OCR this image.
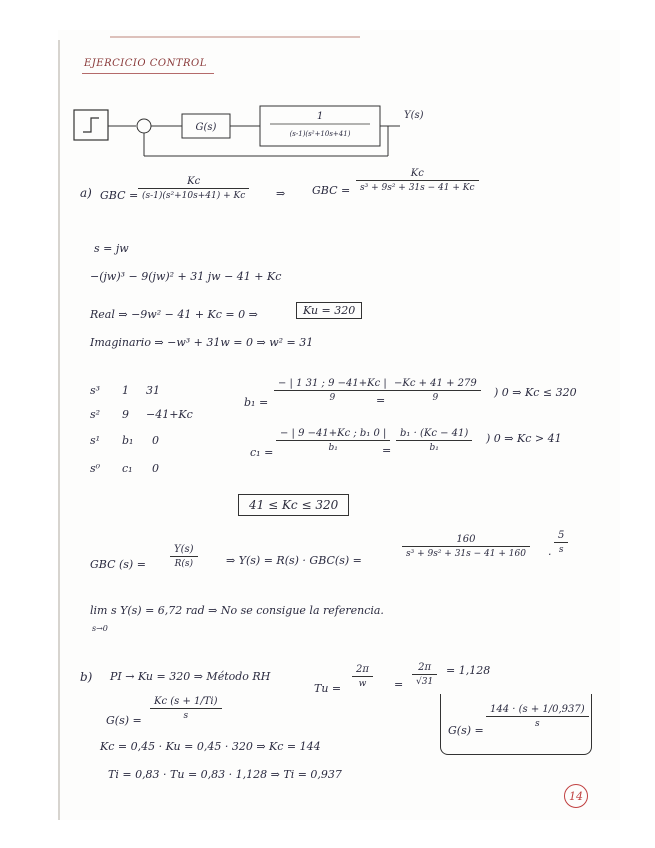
EJERCICIO CONTROL
G(s)
1
(s-1)(s²+10s+41)
Y(s)
a) GBC =
Kc
(s-1)(s²+10s+41) + Kc	⇒ GBC =
Kc
s³ + 9s² + 31s − 41 + Kc
s = jw
−(jw)³ − 9(jw)² + 31 jw − 41 + Kc
Real ⇒ −9w² − 41 + Kc = 0 ⇒	Ku = 320
Imaginario ⇒ −w³ + 31w = 0 ⇒ w² = 31
s³ 1 31
s² 9 −41+Kc
s¹ b₁ 0
s⁰ c₁ 0
b₁ =
− | 1 31 ; 9 −41+Kc |
9	=
−Kc + 41 + 279
9	) 0 ⇒ Kc ≤ 320
c₁ =
− | 9 −41+Kc ; b₁ 0 |
b₁	=
b₁ · (Kc − 41)
b₁
) 0 ⇒ Kc > 41
41 ≤ Kc ≤ 320
GBC (s) =
Y(s)
R(s)	⇒ Y(s) = R(s) · GBC(s) =
160
s³ + 9s² + 31s − 41 + 160	·
5
s
lim s Y(s) = 6,72 rad ⇒ No se consigue la referencia.
s→0
b) PI → Ku = 320 ⇒ Método RH
Tu =
2π
w	=
2π
√31
= 1,128
G(s) =
Kc (s + 1/Ti)
s
Kc = 0,45 · Ku = 0,45 · 320 ⇒ Kc = 144
Ti = 0,83 · Tu = 0,83 · 1,128 ⇒ Ti = 0,937
G(s) =
144 · (s + 1/0,937)
s
14
